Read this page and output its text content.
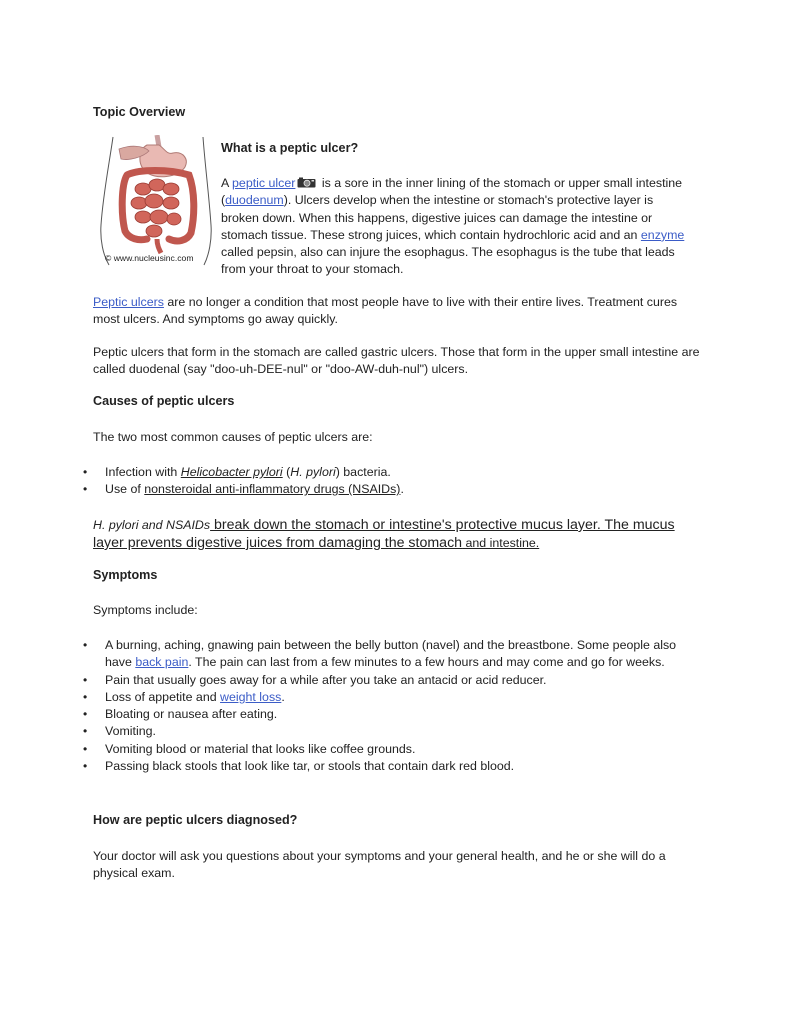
Topic Overview

© www.nucleusinc.com

What is a peptic ulcer?

A peptic ulcer is a sore in the inner lining of the stomach or upper small intestine (duodenum). Ulcers develop when the intestine or stomach's protective layer is broken down. When this happens, digestive juices can damage the intestine or stomach tissue. These strong juices, which contain hydrochloric acid and an enzyme called pepsin, also can injure the esophagus. The esophagus is the tube that leads from your throat to your stomach.

Peptic ulcers are no longer a condition that most people have to live with their entire lives. Treatment cures most ulcers. And symptoms go away quickly.

Peptic ulcers that form in the stomach are called gastric ulcers. Those that form in the upper small intestine are called duodenal (say "doo-uh-DEE-nul" or "doo-AW-duh-nul") ulcers.

Causes of peptic ulcers

The two most common causes of peptic ulcers are:

• Infection with Helicobacter pylori (H. pylori) bacteria.
• Use of nonsteroidal anti-inflammatory drugs (NSAIDs).

H. pylori and NSAIDs break down the stomach or intestine's protective mucus layer. The mucus layer prevents digestive juices from damaging the stomach and intestine.

Symptoms

Symptoms include:

• A burning, aching, gnawing pain between the belly button (navel) and the breastbone. Some people also have back pain. The pain can last from a few minutes to a few hours and may come and go for weeks.
• Pain that usually goes away for a while after you take an antacid or acid reducer.
• Loss of appetite and weight loss.
• Bloating or nausea after eating.
• Vomiting.
• Vomiting blood or material that looks like coffee grounds.
• Passing black stools that look like tar, or stools that contain dark red blood.

How are peptic ulcers diagnosed?

Your doctor will ask you questions about your symptoms and your general health, and he or she will do a physical exam.
